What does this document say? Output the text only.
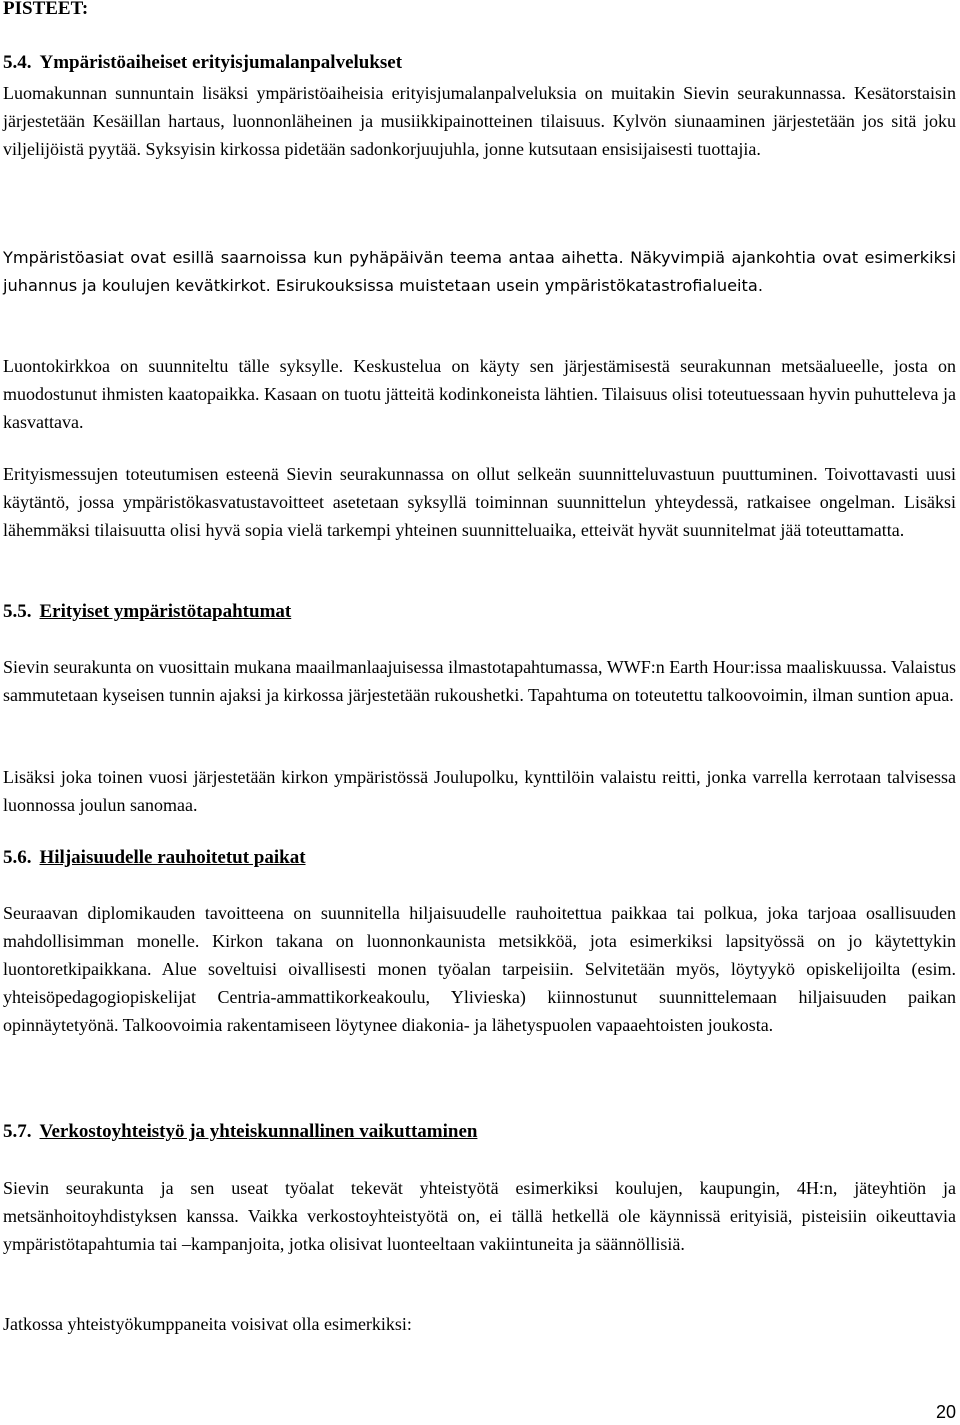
PISTEET:
5.4. Ympäristöaiheiset erityisjumalanpalvelukset
Luomakunnan sunnuntain lisäksi ympäristöaiheisia erityisjumalanpalveluksia on muitakin Sievin seurakunnassa. Kesätorstaisin järjestetään Kesäillan hartaus, luonnonläheinen ja musiikkipainotteinen tilaisuus. Kylvön siunaaminen järjestetään jos sitä joku viljelijöistä pyytää. Syksyisin kirkossa pidetään sadonkorjuujuhla, jonne kutsutaan ensisijaisesti tuottajia.
Ympäristöasiat ovat esillä saarnoissa kun pyhäpäivän teema antaa aihetta. Näkyvimpiä ajankohtia ovat esimerkiksi juhannus ja koulujen kevätkirkot. Esirukouksissa muistetaan usein ympäristökatastrofialueita.
Luontokirkkoa on suunniteltu tälle syksylle. Keskustelua on käyty sen järjestämisestä seurakunnan metsäalueelle, josta on muodostunut ihmisten kaatopaikka. Kasaan on tuotu jätteitä kodinkoneista lähtien. Tilaisuus olisi toteutuessaan hyvin puhutteleva ja kasvattava.
Erityismessujen toteutumisen esteenä Sievin seurakunnassa on ollut selkeän suunnitteluvastuun puuttuminen. Toivottavasti uusi käytäntö, jossa ympäristökasvatustavoitteet asetetaan syksyllä toiminnan suunnittelun yhteydessä, ratkaisee ongelman. Lisäksi lähemmäksi tilaisuutta olisi hyvä sopia vielä tarkempi yhteinen suunnitteluaika, etteivät hyvät suunnitelmat jää toteuttamatta.
5.5. Erityiset ympäristötapahtumat
Sievin seurakunta on vuosittain mukana maailmanlaajuisessa ilmastotapahtumassa, WWF:n Earth Hour:issa maaliskuussa. Valaistus sammutetaan kyseisen tunnin ajaksi ja kirkossa järjestetään rukoushetki. Tapahtuma on toteutettu talkoovoimin, ilman suntion apua.
Lisäksi joka toinen vuosi järjestetään kirkon ympäristössä Joulupolku, kynttilöin valaistu reitti, jonka varrella kerrotaan talvisessa luonnossa joulun sanomaa.
5.6. Hiljaisuudelle rauhoitetut paikat
Seuraavan diplomikauden tavoitteena on suunnitella hiljaisuudelle rauhoitettua paikkaa tai polkua, joka tarjoaa osallisuuden mahdollisimman monelle. Kirkon takana on luonnonkaunista metsikköä, jota esimerkiksi lapsityössä on jo käytettykin luontoretkipaikkana. Alue soveltuisi oivallisesti monen työalan tarpeisiin. Selvitetään myös, löytyykö opiskelijoilta (esim. yhteisöpedagogiopiskelijat Centria-ammattikorkeakoulu, Ylivieska) kiinnostunut suunnittelemaan hiljaisuuden paikan opinnäytetyönä. Talkoovoimia rakentamiseen löytynee diakonia- ja lähetyspuolen vapaaehtoisten joukosta.
5.7. Verkostoyhteistyö ja yhteiskunnallinen vaikuttaminen
Sievin seurakunta ja sen useat työalat tekevät yhteistyötä esimerkiksi koulujen, kaupungin, 4H:n, jäteyhtiön ja metsänhoitoyhdistyksen kanssa. Vaikka verkostoyhteistyötä on, ei tällä hetkellä ole käynnissä erityisiä, pisteisiin oikeuttavia ympäristötapahtumia tai –kampanjoita, jotka olisivat luonteeltaan vakiintuneita ja säännöllisiä.
Jatkossa yhteistyökumppaneita voisivat olla esimerkiksi:
20
